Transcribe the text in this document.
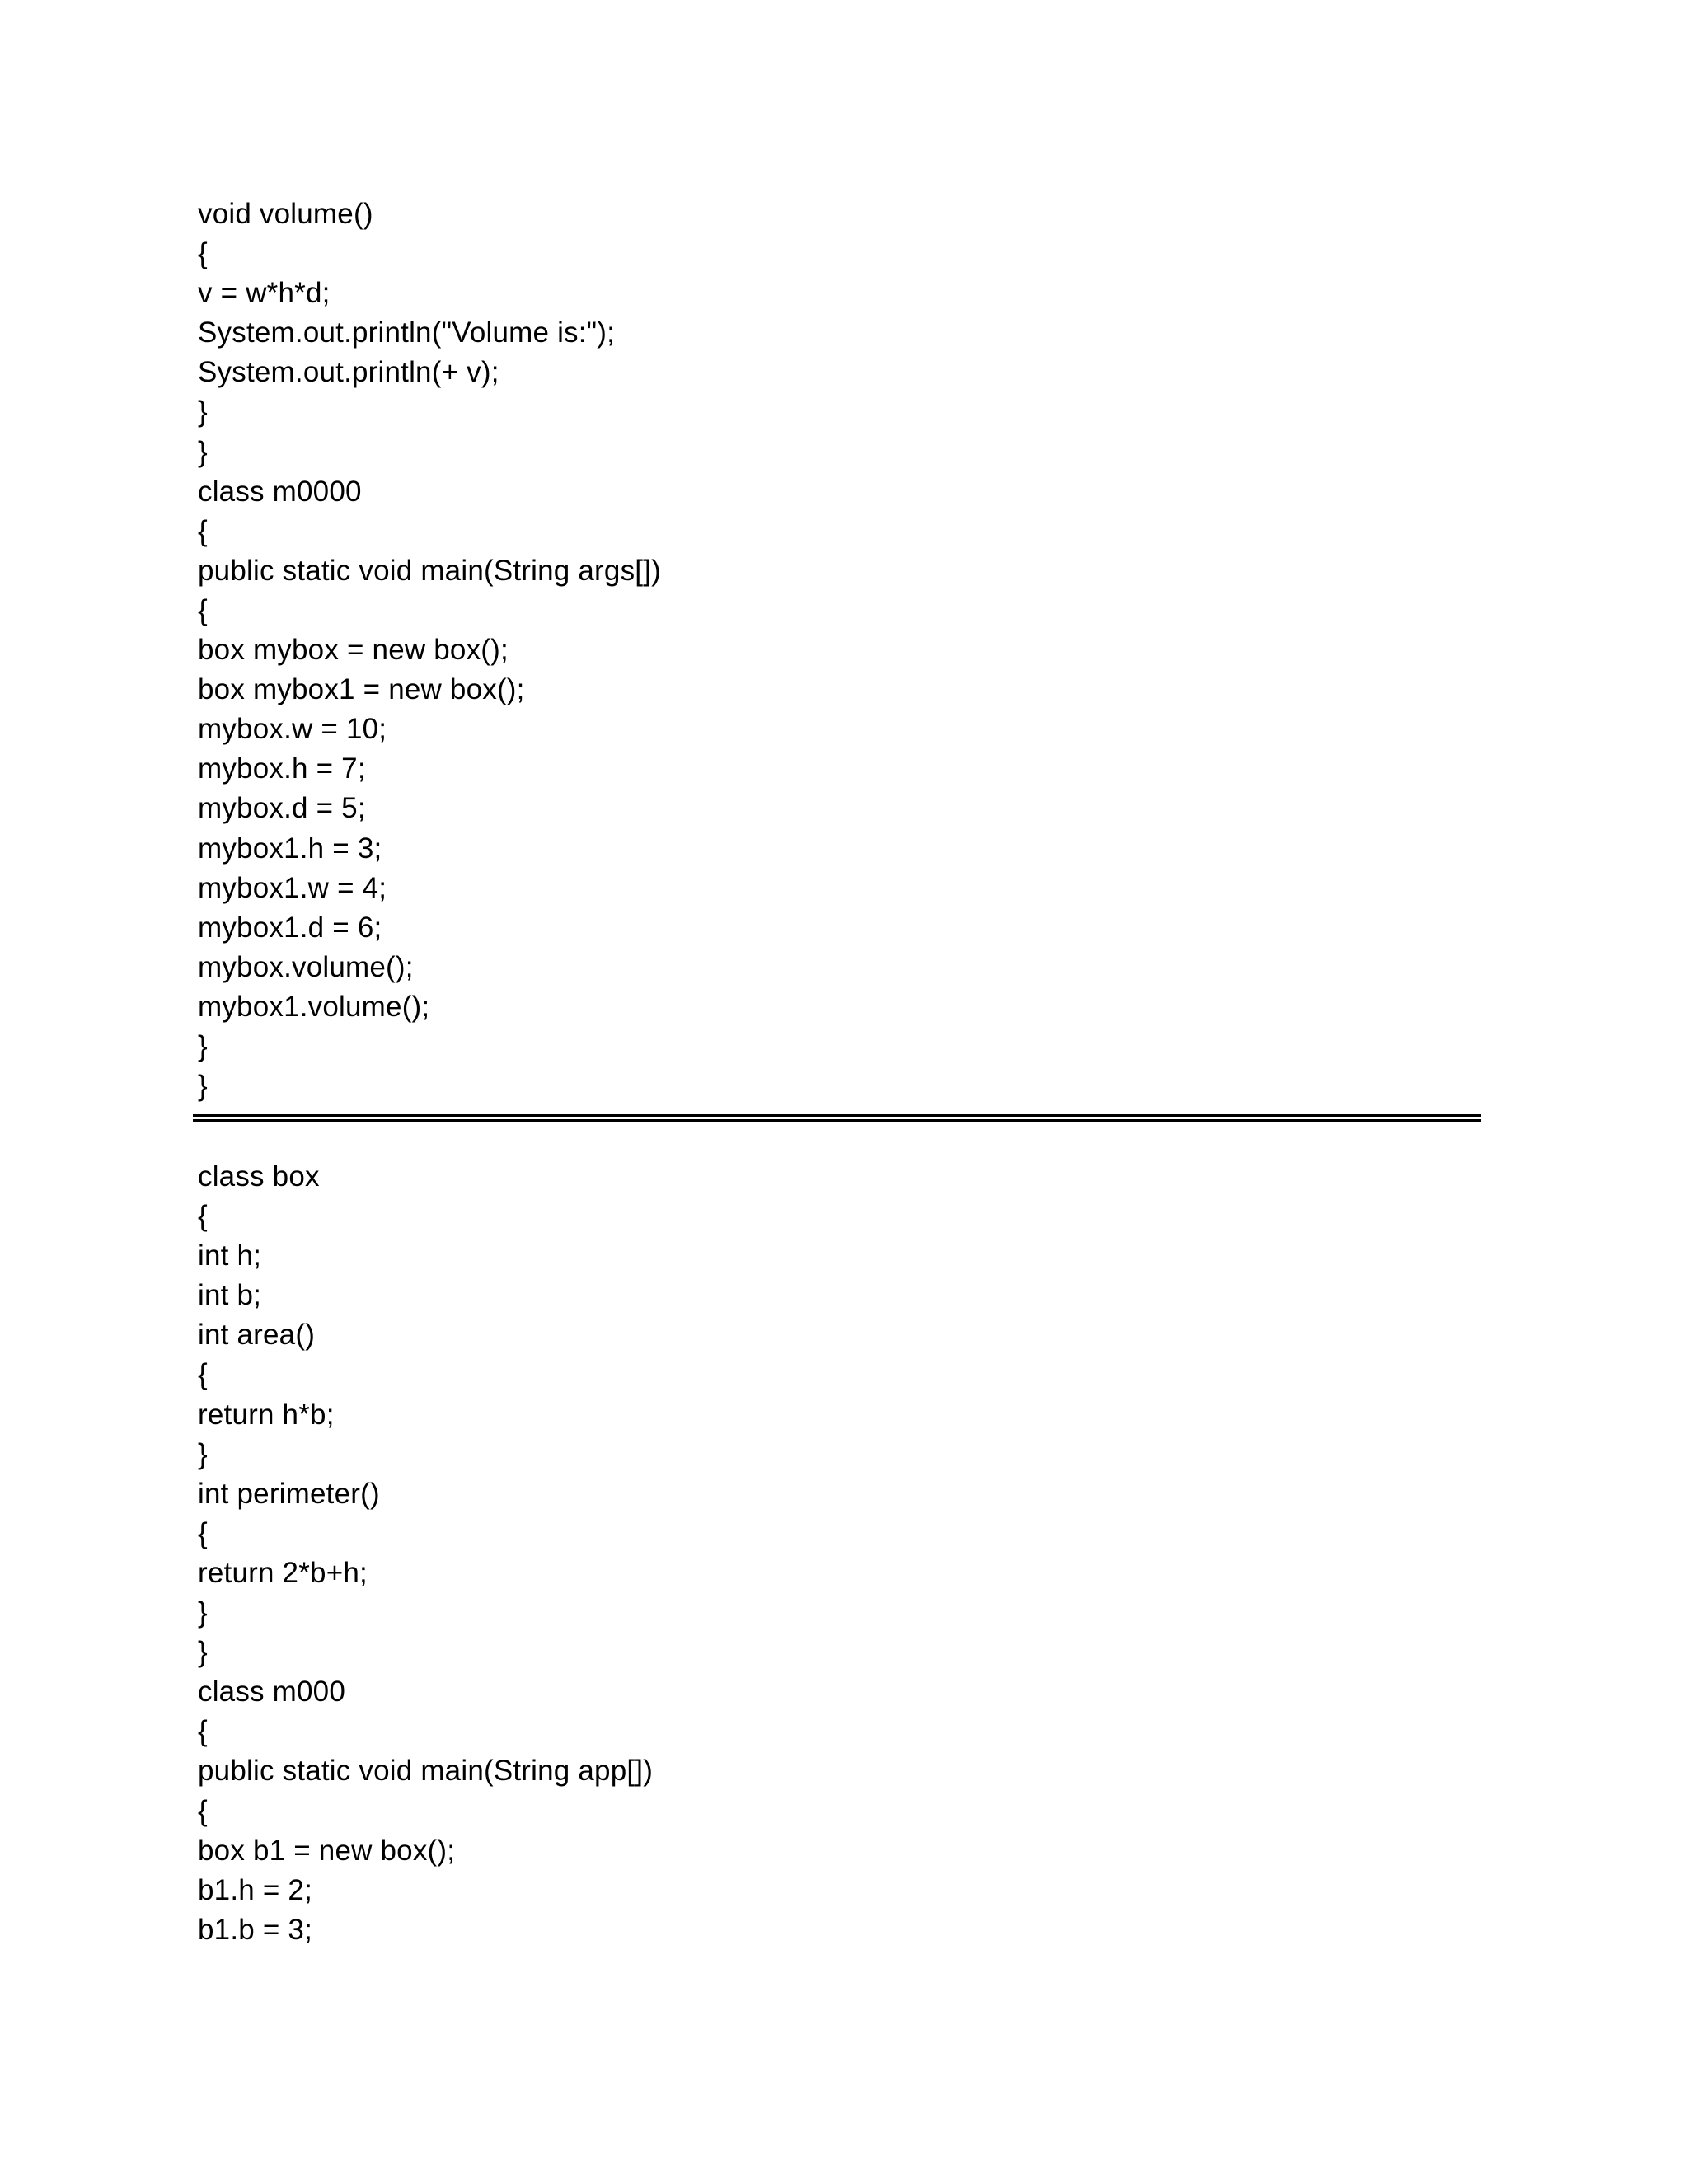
void volume()
{
v = w*h*d;
System.out.println("Volume is:");
System.out.println(+ v);
}
}
class m0000
{
public static void main(String args[])
{
box mybox = new box();
box mybox1 = new box();
mybox.w = 10;
mybox.h = 7;
mybox.d = 5;
mybox1.h = 3;
mybox1.w = 4;
mybox1.d = 6;
mybox.volume();
mybox1.volume();
}
}
class box
{
int h;
int b;
int area()
{
return h*b;
}
int perimeter()
{
return 2*b+h;
}
}
class m000
{
public static void main(String app[])
{
box b1 = new box();
b1.h = 2;
b1.b = 3;
